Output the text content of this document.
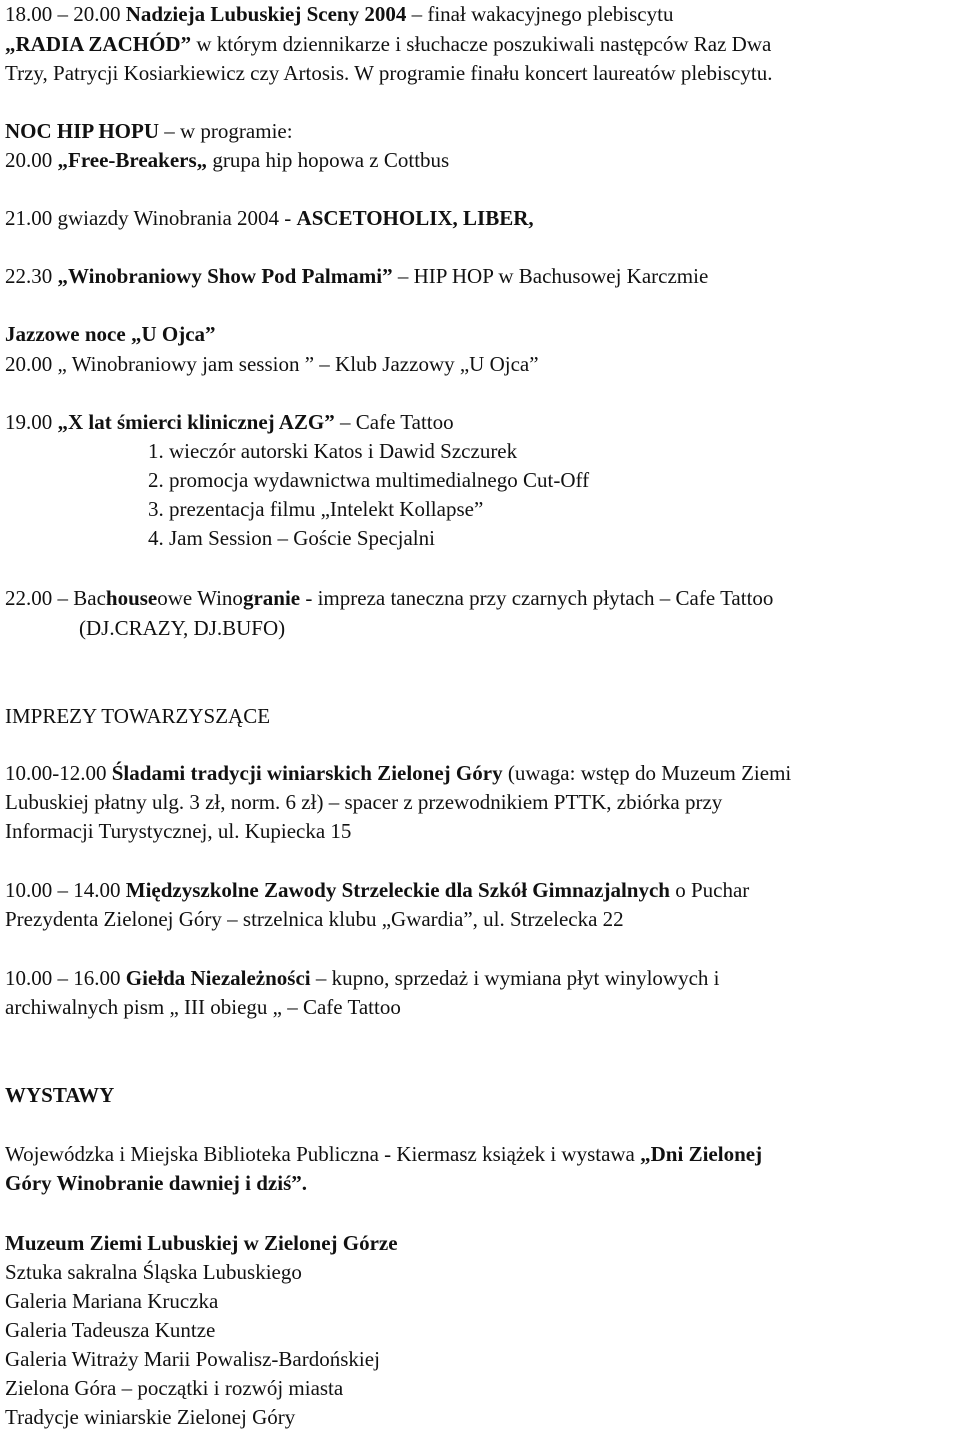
18.00 – 20.00 Nadzieja Lubuskiej Sceny 2004 – finał wakacyjnego plebiscytu
„RADIA ZACHÓD” w którym dziennikarze i słuchacze poszukiwali następców Raz Dwa
Trzy, Patrycji Kosiarkiewicz czy Artosis. W programie finału koncert laureatów plebiscytu.
NOC HIP HOPU – w programie:
20.00 „Free-Breakers„ grupa hip hopowa z Cottbus
21.00 gwiazdy Winobrania 2004 - ASCETOHOLIX, LIBER,
22.30 „Winobraniowy Show Pod Palmami” – HIP HOP w Bachusowej Karczmie
Jazzowe noce „U Ojca”
20.00 „ Winobraniowy jam session ” – Klub Jazzowy „U Ojca”
19.00 „X lat śmierci klinicznej AZG” – Cafe Tattoo
1. wieczór autorski Katos i Dawid Szczurek
2. promocja wydawnictwa multimedialnego Cut-Off
3. prezentacja filmu „Intelekt Kollapse”
4. Jam Session – Goście Specjalni
22.00 – Bachouseowe Winogranie - impreza taneczna przy czarnych płytach – Cafe Tattoo
(DJ.CRAZY, DJ.BUFO)
IMPREZY TOWARZYSZĄCE
10.00-12.00 Śladami tradycji winiarskich Zielonej Góry (uwaga: wstęp do Muzeum Ziemi
Lubuskiej płatny ulg. 3 zł, norm. 6 zł) – spacer z przewodnikiem PTTK, zbiórka przy
Informacji Turystycznej, ul. Kupiecka 15
10.00 – 14.00 Międzyszkolne Zawody Strzeleckie dla Szkół Gimnazjalnych o Puchar
Prezydenta Zielonej Góry – strzelnica klubu „Gwardia”, ul. Strzelecka 22
10.00 – 16.00 Giełda Niezależności – kupno, sprzedaż i wymiana płyt winylowych i
archiwalnych pism „ III obiegu „ – Cafe Tattoo
WYSTAWY
Wojewódzka i Miejska Biblioteka Publiczna - Kiermasz książek i wystawa „Dni Zielonej
Góry Winobranie dawniej i dziś”.
Muzeum Ziemi Lubuskiej w Zielonej Górze
Sztuka sakralna Śląska Lubuskiego
Galeria Mariana Kruczka
Galeria Tadeusza Kuntze
Galeria Witraży Marii Powalisz-Bardońskiej
Zielona Góra – początki i rozwój miasta
Tradycje winiarskie Zielonej Góry
